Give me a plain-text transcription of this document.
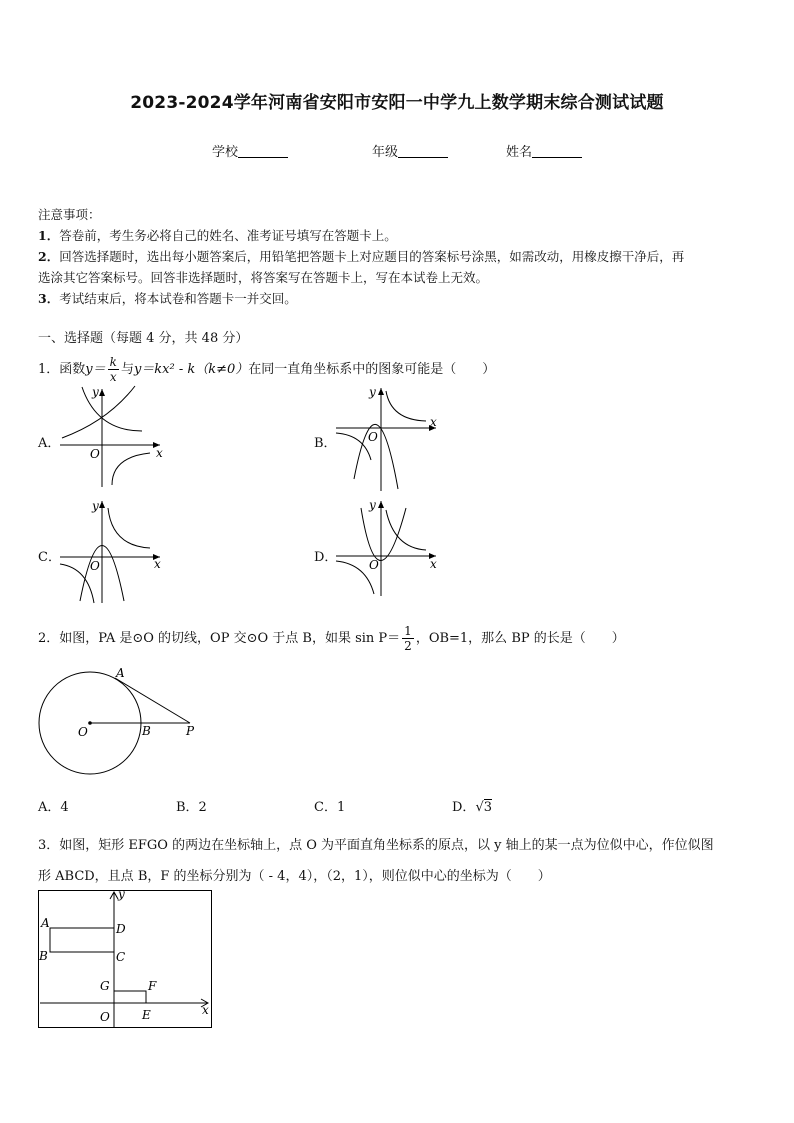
2023-2024学年河南省安阳市安阳一中学九上数学期末综合测试试题
学校	年级	姓名

注意事项：

1．答卷前，考生务必将自己的姓名、准考证号填写在答题卡上。

2．回答选择题时，选出每小题答案后，用铅笔把答题卡上对应题目的答案标号涂黑，如需改动，用橡皮擦干净后，再

选涂其它答案标号。回答非选择题时，将答案写在答题卡上，写在本试卷上无效。

3．考试结束后，将本试卷和答题卡一并交回。

一、选择题（每题 4 分，共 48 分）
1．函数$y= \frac{k}{x}$ 与y＝kx² - k（k≠0）在同一直角坐标系中的图象可能是（　　）
A．	B．
C．	D．
y
x
O
y
x
O
y
x
O
y
x
O
2．如图，PA 是⊙O 的切线，OP 交⊙O 于点 B，如果 $\sin P= \frac{1}{2}$ ，OB=1，那么 BP 的长是（　　）
A
O	B	P
A．4	B．2	C．1	D．√3
3．如图，矩形 EFGO 的两边在坐标轴上，点 O 为平面直角坐标系的原点，以 y 轴上的某一点为位似中心，作位似图
形 ABCD，且点 B，F 的坐标分别为（ - 4，4），（2，1），则位似中心的坐标为（　　）
y
A	D
B	C
G	F
O	E	x
